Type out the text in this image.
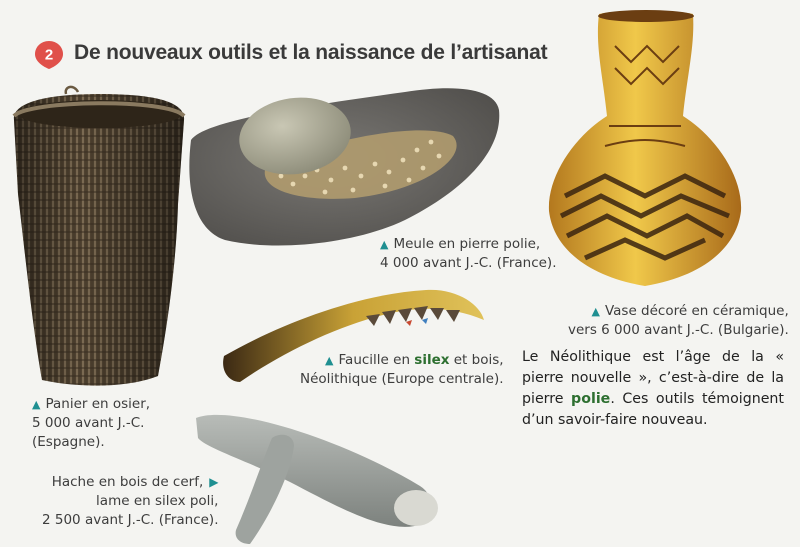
2 De nouveaux outils et la naissance de l’artisanat
▲ Meule en pierre polie,
4 000 avant J.-C. (France).
▲ Vase décoré en céramique,
vers 6 000 avant J.-C. (Bulgarie).
▲ Faucille en silex et bois,
Néolithique (Europe centrale).
Hache en bois de cerf, ▶
lame en silex poli,
2 500 avant J.-C. (France).
▲ Panier en osier,
5 000 avant J.-C.
(Espagne).
Le Néolithique est l’âge de la « pierre nouvelle », c’est-à-dire de la pierre polie. Ces outils témoignent d’un savoir-faire nouveau.
